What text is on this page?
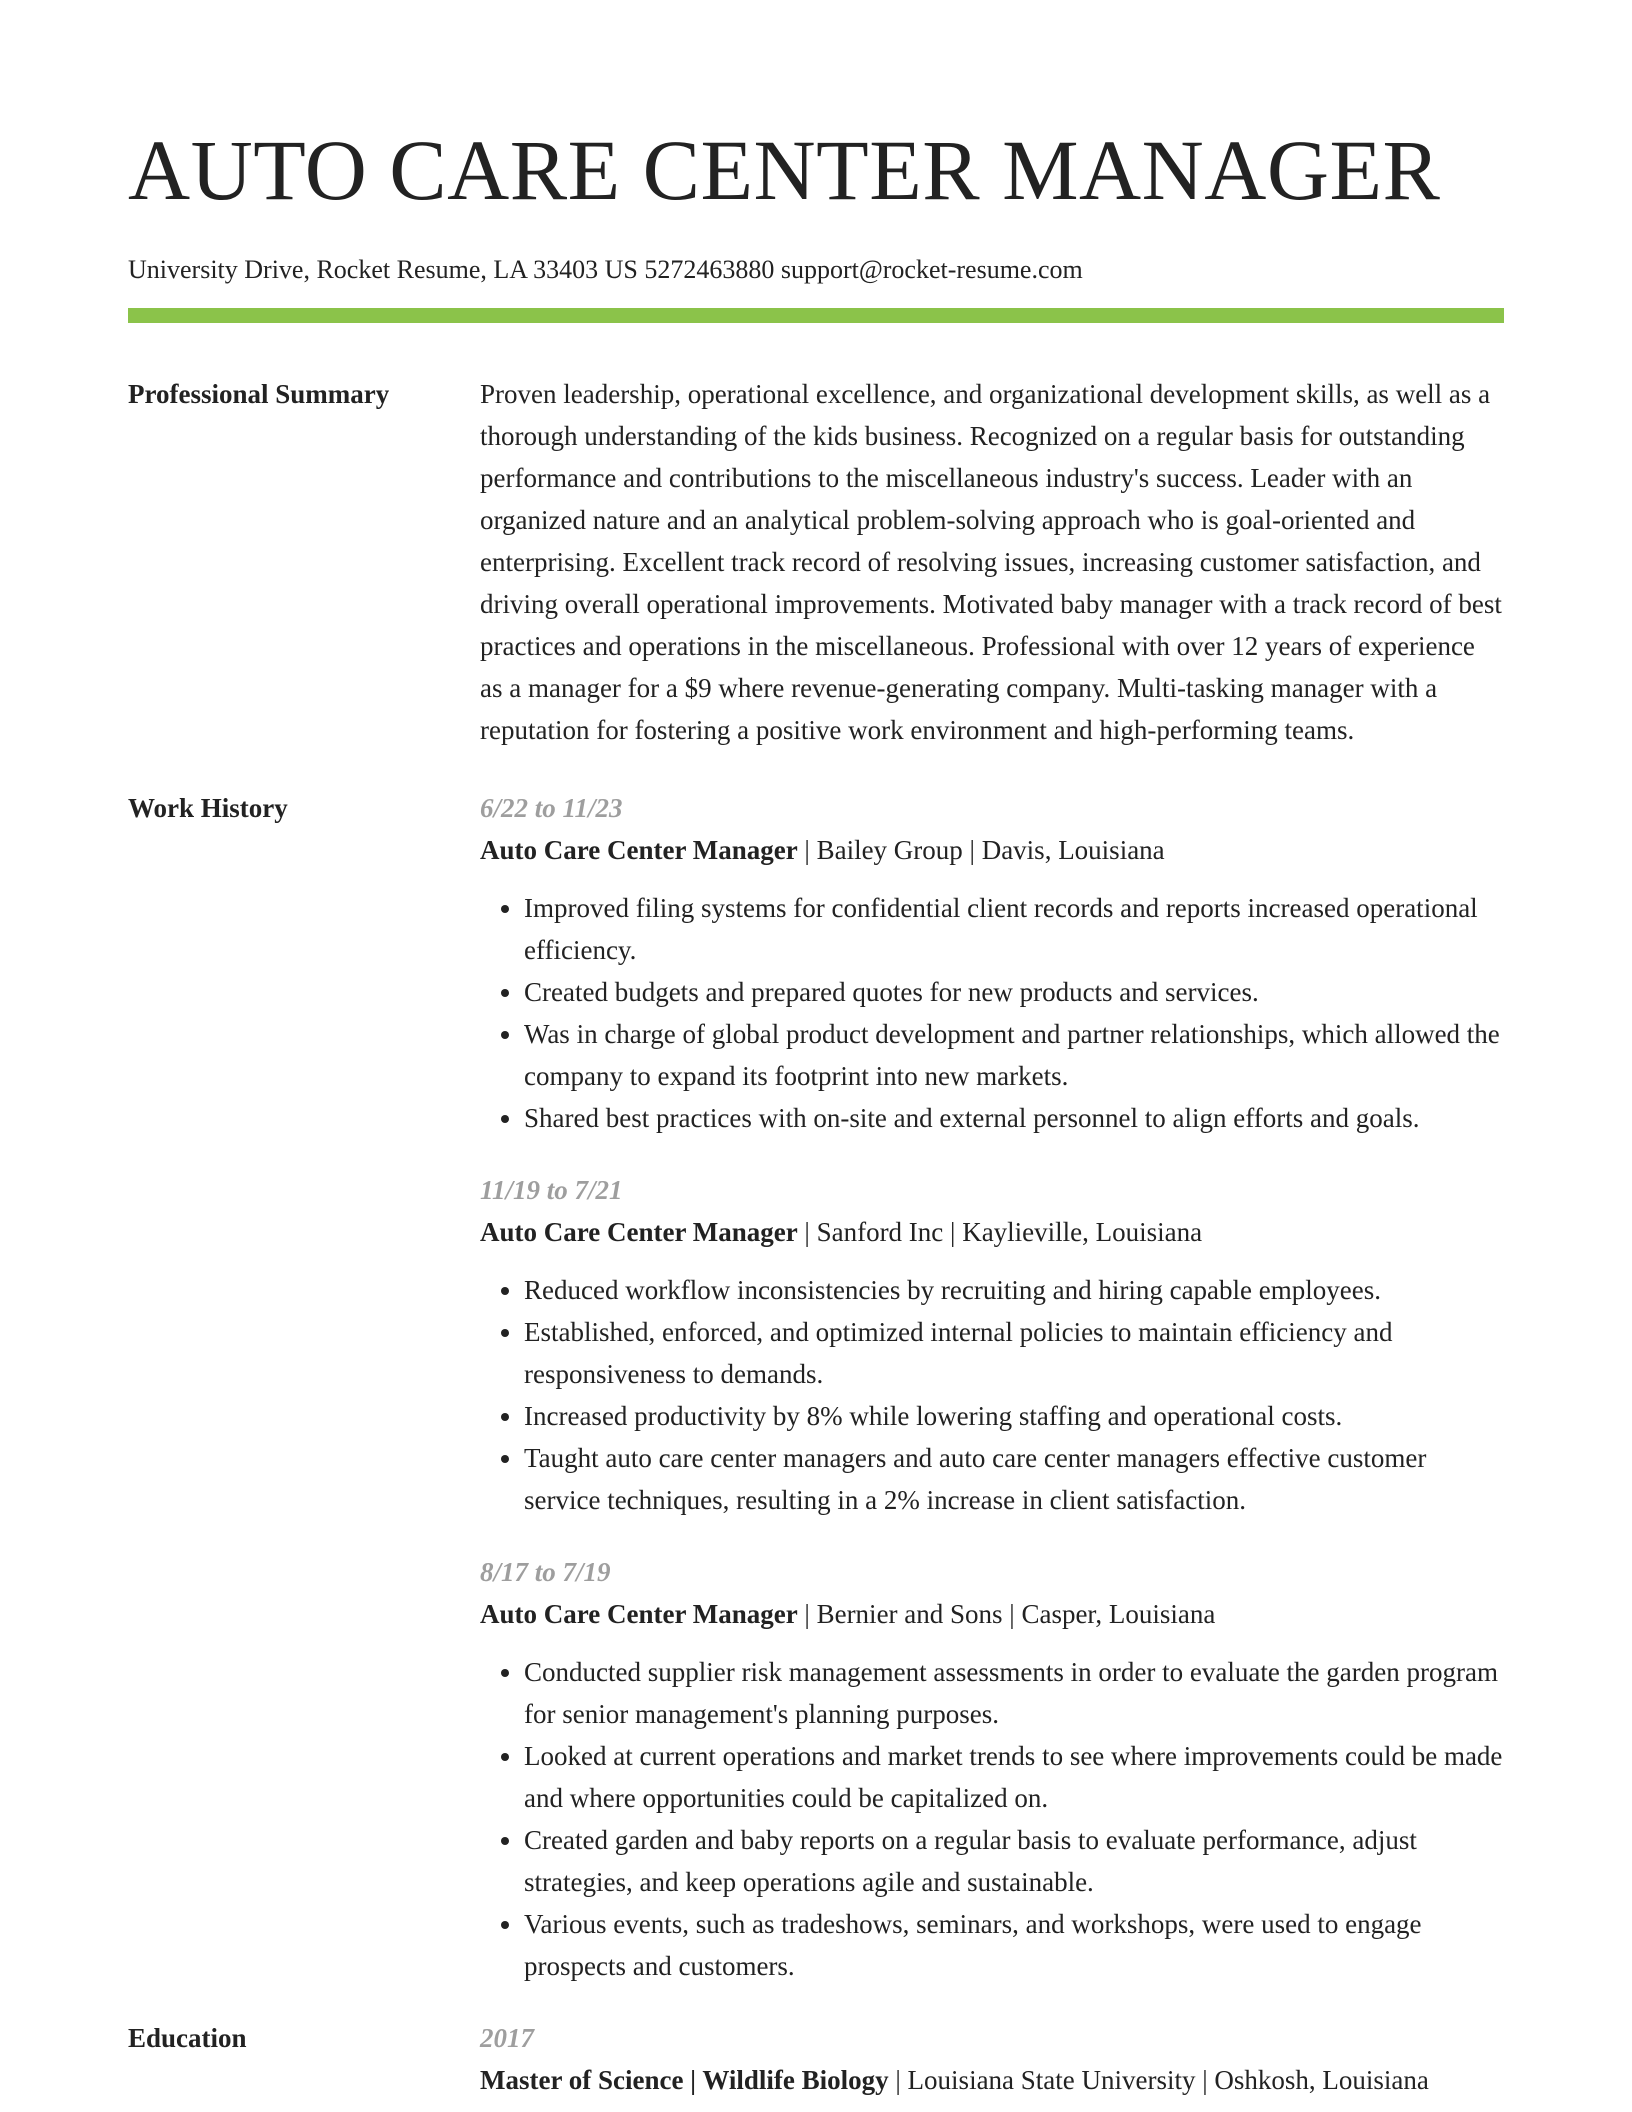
AUTO CARE CENTER MANAGER
University Drive, Rocket Resume, LA 33403 US 5272463880 support@rocket-resume.com
Professional Summary	Proven leadership, operational excellence, and organizational development skills, as well as a thorough understanding of the kids business. Recognized on a regular basis for outstanding performance and contributions to the miscellaneous industry's success. Leader with an organized nature and an analytical problem-solving approach who is goal-oriented and enterprising. Excellent track record of resolving issues, increasing customer satisfaction, and driving overall operational improvements. Motivated baby manager with a track record of best practices and operations in the miscellaneous. Professional with over 12 years of experience as a manager for a $9 where revenue-generating company. Multi-tasking manager with a reputation for fostering a positive work environment and high-performing teams.
Work History	6/22 to 11/23
Auto Care Center Manager | Bailey Group | Davis, Louisiana
• Improved filing systems for confidential client records and reports increased operational efficiency.
• Created budgets and prepared quotes for new products and services.
• Was in charge of global product development and partner relationships, which allowed the company to expand its footprint into new markets.
• Shared best practices with on-site and external personnel to align efforts and goals.
11/19 to 7/21
Auto Care Center Manager | Sanford Inc | Kaylieville, Louisiana
• Reduced workflow inconsistencies by recruiting and hiring capable employees.
• Established, enforced, and optimized internal policies to maintain efficiency and responsiveness to demands.
• Increased productivity by 8% while lowering staffing and operational costs.
• Taught auto care center managers and auto care center managers effective customer service techniques, resulting in a 2% increase in client satisfaction.
8/17 to 7/19
Auto Care Center Manager | Bernier and Sons | Casper, Louisiana
• Conducted supplier risk management assessments in order to evaluate the garden program for senior management's planning purposes.
• Looked at current operations and market trends to see where improvements could be made and where opportunities could be capitalized on.
• Created garden and baby reports on a regular basis to evaluate performance, adjust strategies, and keep operations agile and sustainable.
• Various events, such as tradeshows, seminars, and workshops, were used to engage prospects and customers.
Education	2017
Master of Science | Wildlife Biology | Louisiana State University | Oshkosh, Louisiana
